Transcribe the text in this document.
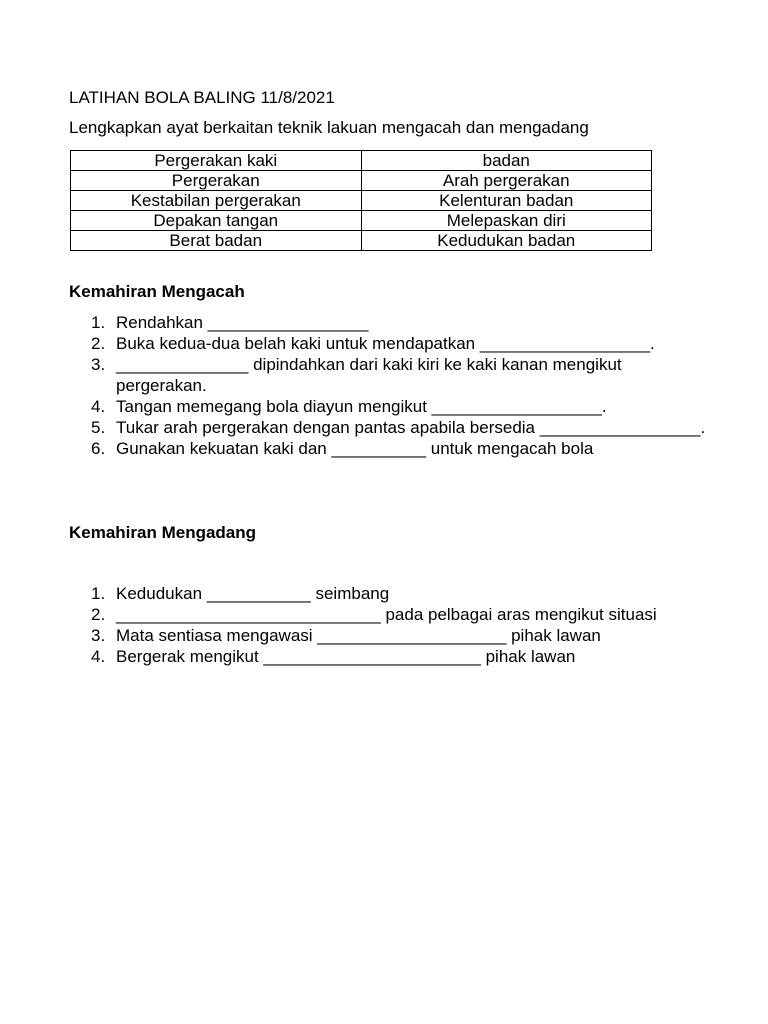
LATIHAN BOLA BALING 11/8/2021
Lengkapkan ayat berkaitan teknik lakuan mengacah dan mengadang
Pergerakan kaki	badan
Pergerakan	Arah pergerakan
Kestabilan pergerakan	Kelenturan badan
Depakan tangan	Melepaskan diri
Berat badan	Kedudukan badan
Kemahiran Mengacah
1. Rendahkan _________________
2. Buka kedua-dua belah kaki untuk mendapatkan __________________.
3. ______________ dipindahkan dari kaki kiri ke kaki kanan mengikut pergerakan.
4. Tangan memegang bola diayun mengikut __________________.
5. Tukar arah pergerakan dengan pantas apabila bersedia _________________.
6. Gunakan kekuatan kaki dan __________ untuk mengacah bola
Kemahiran Mengadang
1. Kedudukan ___________ seimbang
2. ____________________________ pada pelbagai aras mengikut situasi
3. Mata sentiasa mengawasi ____________________ pihak lawan
4. Bergerak mengikut _______________________ pihak lawan
